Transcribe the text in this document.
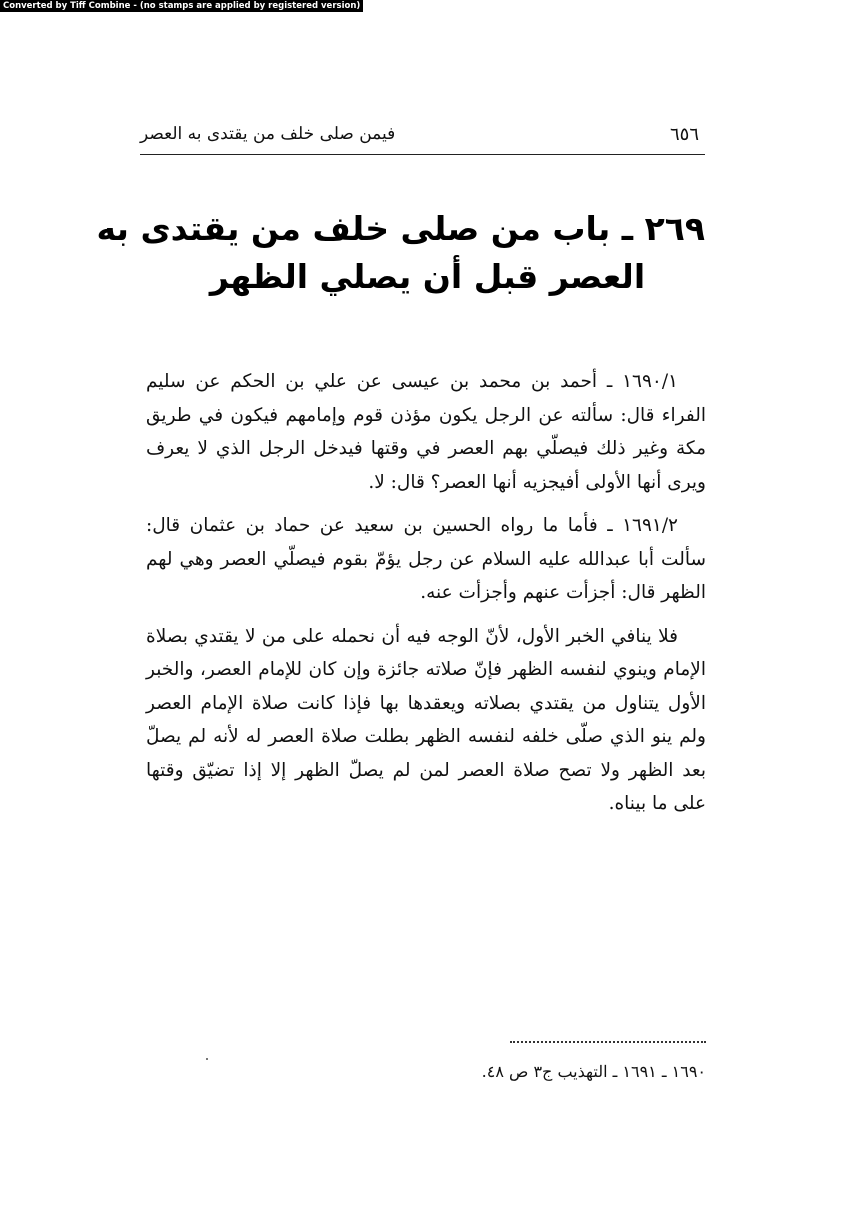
Converted by Tiff Combine - (no stamps are applied by registered version)
فيمن صلى خلف من يقتدى به العصر	٦٥٦
٢٦٩ ـ باب من صلى خلف من يقتدى به
العصر قبل أن يصلي الظهر

١٦٩٠/١ ـ أحمد بن محمد بن عيسى عن علي بن الحكم عن سليم الفراء قال: سألته عن الرجل يكون مؤذن قوم وإمامهم فيكون في طريق مكة وغير ذلك فيصلّي بهم العصر في وقتها فيدخل الرجل الذي لا يعرف ويرى أنها الأولى أفيجزيه أنها العصر؟ قال: لا.

١٦٩١/٢ ـ فأما ما رواه الحسين بن سعيد عن حماد بن عثمان قال: سألت أبا عبدالله عليه السلام عن رجل يؤمّ بقوم فيصلّي العصر وهي لهم الظهر قال: أجزأت عنهم وأجزأت عنه.

فلا ينافي الخبر الأول، لأنّ الوجه فيه أن نحمله على من لا يقتدي بصلاة الإمام وينوي لنفسه الظهر فإنّ صلاته جائزة وإن كان للإمام العصر، والخبر الأول يتناول من يقتدي بصلاته ويعقدها بها فإذا كانت صلاة الإمام العصر ولم ينو الذي صلّى خلفه لنفسه الظهر بطلت صلاة العصر له لأنه لم يصلّ بعد الظهر ولا تصح صلاة العصر لمن لم يصلّ الظهر إلا إذا تضيّق وقتها على ما بيناه.

١٦٩٠ ـ ١٦٩١ ـ التهذيب ج٣ ص ٤٨.
